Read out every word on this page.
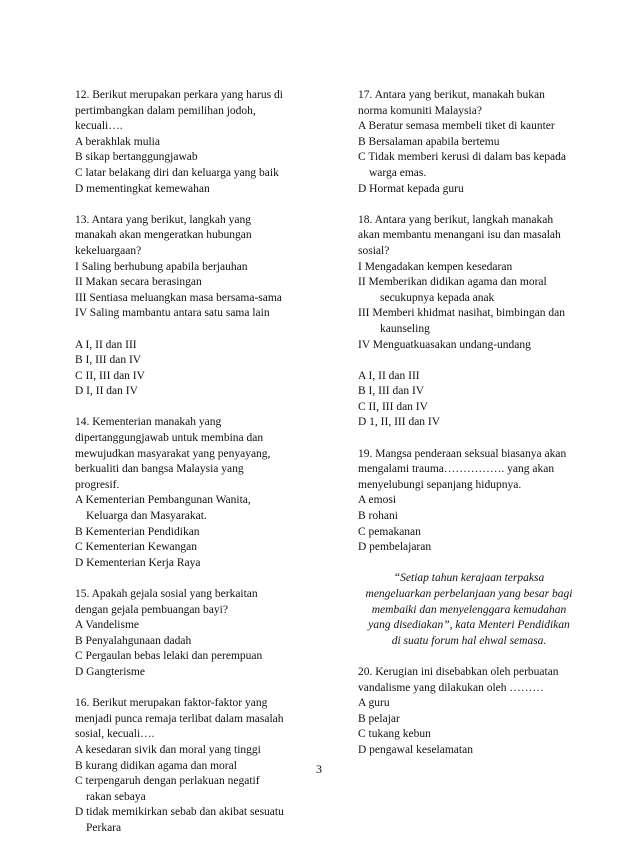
12. Berikut merupakan perkara yang harus di
pertimbangkan dalam pemilihan jodoh,
kecuali….
A berakhlak mulia
B sikap bertanggungjawab
C latar belakang diri dan keluarga yang baik
D mementingkat kemewahan
13. Antara yang berikut, langkah yang
manakah akan mengeratkan hubungan
kekeluargaan?
I Saling berhubung apabila berjauhan
II Makan secara berasingan
III Sentiasa meluangkan masa bersama-sama
IV Saling mambantu antara satu sama lain
A I, II dan III
B I, III dan IV
C II, III dan IV
D I, II dan IV
14. Kementerian manakah yang
dipertanggungjawab untuk membina dan
mewujudkan masyarakat yang penyayang,
berkualiti dan bangsa Malaysia yang
progresif.
A Kementerian Pembangunan Wanita,
Keluarga dan Masyarakat.
B Kementerian Pendidikan
C Kementerian Kewangan
D Kementerian Kerja Raya
15. Apakah gejala sosial yang berkaitan
dengan gejala pembuangan bayi?
A Vandelisme
B Penyalahgunaan dadah
C Pergaulan bebas lelaki dan perempuan
D Gangterisme
16. Berikut merupakan faktor-faktor yang
menjadi punca remaja terlibat dalam masalah
sosial, kecuali….
A kesedaran sivik dan moral yang tinggi
B kurang didikan agama dan moral
C terpengaruh dengan perlakuan negatif
rakan sebaya
D tidak memikirkan sebab dan akibat sesuatu
Perkara
17. Antara yang berikut, manakah bukan
norma komuniti Malaysia?
A Beratur semasa membeli tiket di kaunter
B Bersalaman apabila bertemu
C Tidak memberi kerusi di dalam bas kepada
warga emas.
D Hormat kepada guru
18. Antara yang berikut, langkah manakah
akan membantu menangani isu dan masalah
sosial?
I Mengadakan kempen kesedaran
II Memberikan didikan agama dan moral
secukupnya kepada anak
III Memberi khidmat nasihat, bimbingan dan
kaunseling
IV Menguatkuasakan undang-undang
A I, II dan III
B I, III dan IV
C II, III dan IV
D 1, II, III dan IV
19. Mangsa penderaan seksual biasanya akan
mengalami trauma……………. yang akan
menyelubungi sepanjang hidupnya.
A emosi
B rohani
C pemakanan
D pembelajaran
“Setiap tahun kerajaan terpaksa
mengeluarkan perbelanjaan yang besar bagi
membaiki dan menyelenggara kemudahan
yang disediakan”, kata Menteri Pendidikan
di suatu forum hal ehwal semasa.
20. Kerugian ini disebabkan oleh perbuatan
vandalisme yang dilakukan oleh ………
A guru
B pelajar
C tukang kebun
D pengawal keselamatan
3
